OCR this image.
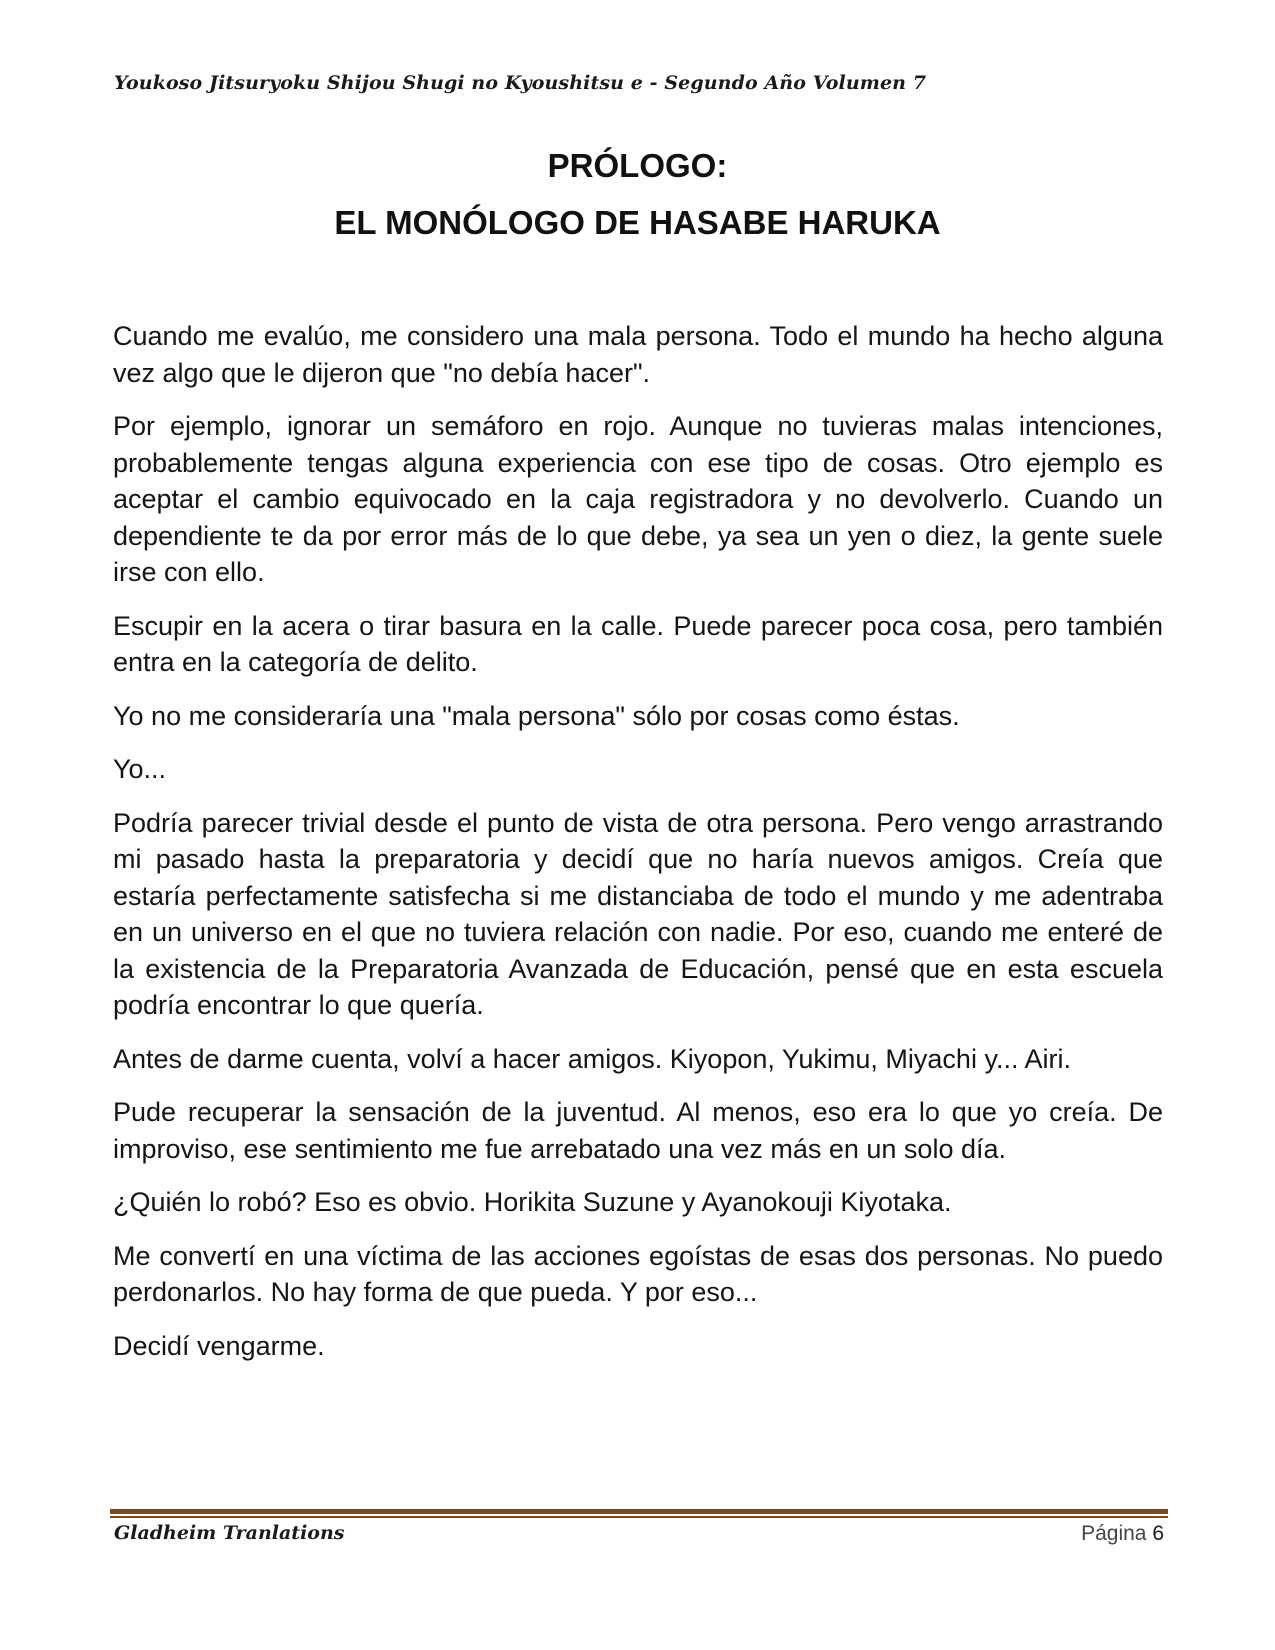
Youkoso Jitsuryoku Shijou Shugi no Kyoushitsu e - Segundo Año Volumen 7
PRÓLOGO:
EL MONÓLOGO DE HASABE HARUKA

Cuando me evalúo, me considero una mala persona. Todo el mundo ha hecho alguna vez algo que le dijeron que "no debía hacer".

Por ejemplo, ignorar un semáforo en rojo. Aunque no tuvieras malas intenciones, probablemente tengas alguna experiencia con ese tipo de cosas. Otro ejemplo es aceptar el cambio equivocado en la caja registradora y no devolverlo. Cuando un dependiente te da por error más de lo que debe, ya sea un yen o diez, la gente suele irse con ello.

Escupir en la acera o tirar basura en la calle. Puede parecer poca cosa, pero también entra en la categoría de delito.

Yo no me consideraría una "mala persona" sólo por cosas como éstas.

Yo...

Podría parecer trivial desde el punto de vista de otra persona. Pero vengo arrastrando mi pasado hasta la preparatoria y decidí que no haría nuevos amigos. Creía que estaría perfectamente satisfecha si me distanciaba de todo el mundo y me adentraba en un universo en el que no tuviera relación con nadie. Por eso, cuando me enteré de la existencia de la Preparatoria Avanzada de Educación, pensé que en esta escuela podría encontrar lo que quería.

Antes de darme cuenta, volví a hacer amigos. Kiyopon, Yukimu, Miyachi y... Airi.

Pude recuperar la sensación de la juventud. Al menos, eso era lo que yo creía. De improviso, ese sentimiento me fue arrebatado una vez más en un solo día.

¿Quién lo robó? Eso es obvio. Horikita Suzune y Ayanokouji Kiyotaka.

Me convertí en una víctima de las acciones egoístas de esas dos personas. No puedo perdonarlos. No hay forma de que pueda. Y por eso...

Decidí vengarme.

Gladheim Tranlations	Página 6
